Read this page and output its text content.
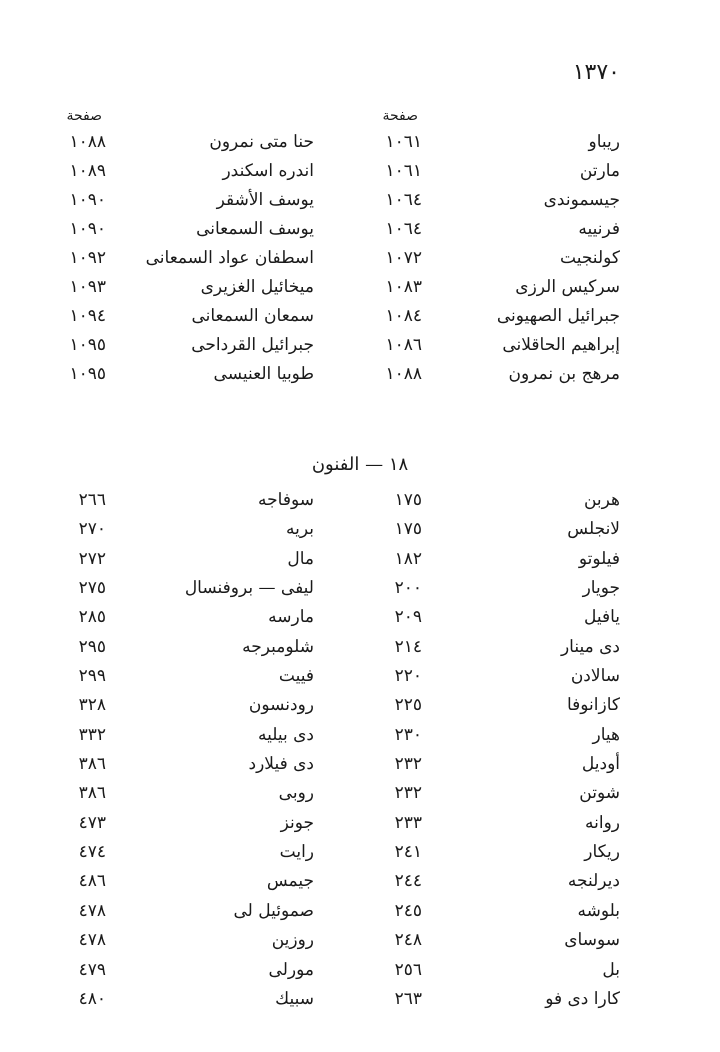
١٣٧٠
صفحة
صفحة
ريباو
١٠٦١
حنا متى نمرون
١٠٨٨
مارتن
١٠٦١
اندره اسكندر
١٠٨٩
جيسموندى
١٠٦٤
يوسف الأشقر
١٠٩٠
فرنييه
١٠٦٤
يوسف السمعانى
١٠٩٠
كولنجيت
١٠٧٢
اسطفان عواد السمعانى
١٠٩٢
سركيس الرزى
١٠٨٣
ميخائيل الغزيرى
١٠٩٣
جبرائيل الصهيونى
١٠٨٤
سمعان السمعانى
١٠٩٤
إبراهيم الحاقلانى
١٠٨٦
جبرائيل القرداحى
١٠٩٥
مرهج بن نمرون
١٠٨٨
طوبيا العنيسى
١٠٩٥
١٨ — الفنون
هربن
١٧٥
سوفاجه
٢٦٦
لانجلس
١٧٥
بريه
٢٧٠
فيلوتو
١٨٢
مال
٢٧٢
جويار
٢٠٠
ليفى — بروفنسال
٢٧٥
يافيل
٢٠٩
مارسه
٢٨٥
دى مينار
٢١٤
شلومبرجه
٢٩٥
سالادن
٢٢٠
فييت
٢٩٩
كازانوفا
٢٢٥
رودنسون
٣٢٨
هيار
٢٣٠
دى بيليه
٣٣٢
أوديل
٢٣٢
دى فيلارد
٣٨٦
شوتن
٢٣٢
روبى
٣٨٦
روانه
٢٣٣
جونز
٤٧٣
ريكار
٢٤١
رايت
٤٧٤
ديرلنجه
٢٤٤
جيمس
٤٨٦
بلوشه
٢٤٥
صموئيل لى
٤٧٨
سوساى
٢٤٨
روزين
٤٧٨
بل
٢٥٦
مورلى
٤٧٩
كارا دى فو
٢٦٣
سبيك
٤٨٠
